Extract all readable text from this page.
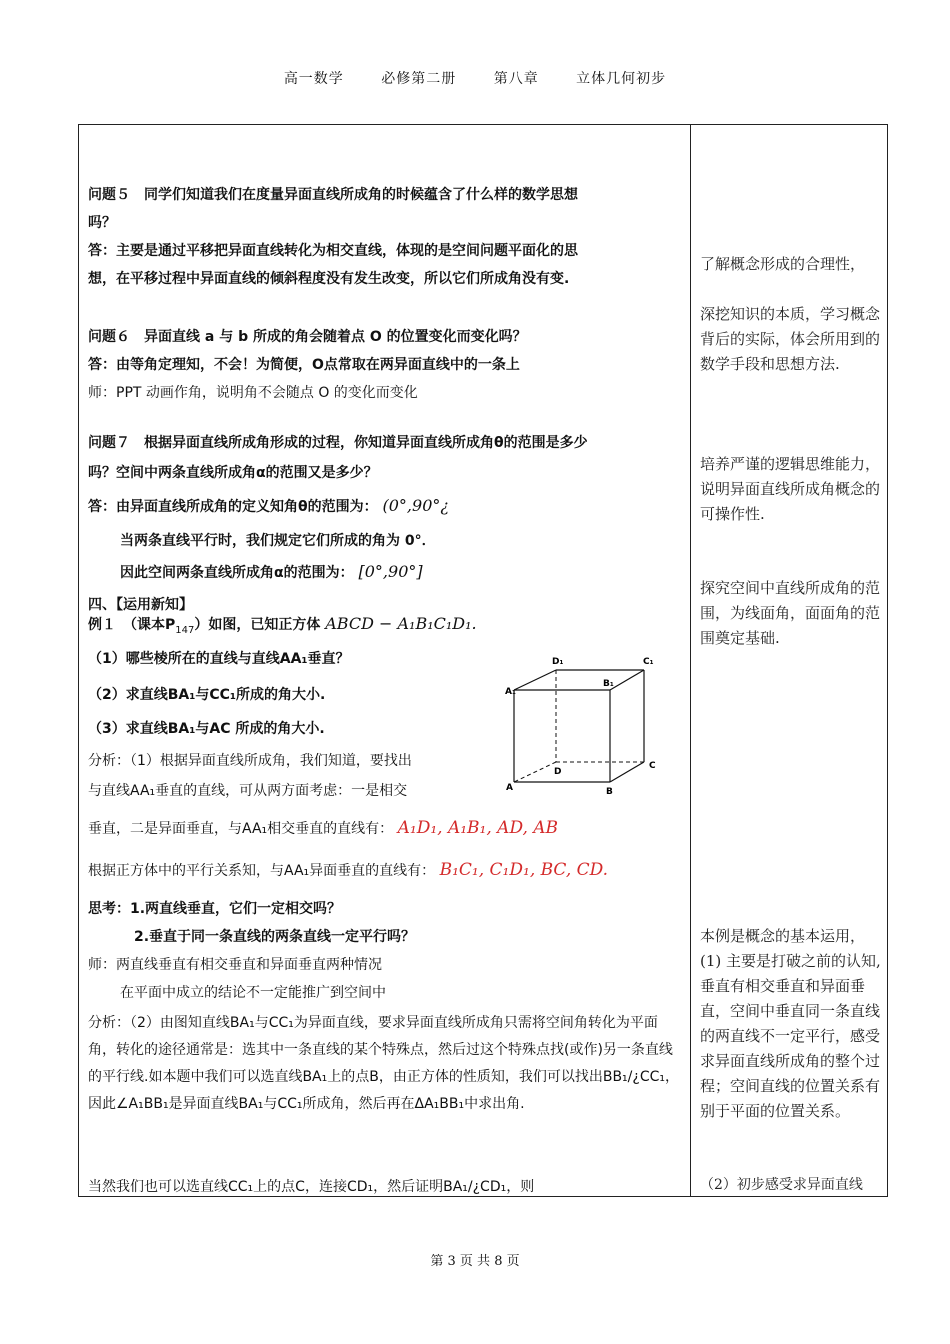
高一数学	必修第二册	第八章	立体几何初步
问题５　同学们知道我们在度量异面直线所成角的时候蕴含了什么样的数学思想
吗？
答：主要是通过平移把异面直线转化为相交直线，体现的是空间问题平面化的思
想，在平移过程中异面直线的倾斜程度没有发生改变，所以它们所成角没有变.
问题６　异面直线 a 与 b 所成的角会随着点 O 的位置变化而变化吗？
答：由等角定理知，不会！为简便，O点常取在两异面直线中的一条上
师：PPT 动画作角，说明角不会随点 O 的变化而变化
问题７　根据异面直线所成角形成的过程，你知道异面直线所成角θ的范围是多少
吗？空间中两条直线所成角α的范围又是多少？
答：由异面直线所成角的定义知角θ的范围为： (0°,90°¿
当两条直线平行时，我们规定它们所成的角为 0°．
因此空间两条直线所成角α的范围为： [0°,90°]
四、【运用新知】
例１　（课本$P_{147}$）如图，已知正方体 ABCD − A₁B₁C₁D₁.
（1）哪些棱所在的直线与直线AA₁垂直？
（2）求直线BA₁与CC₁所成的角大小.
（3）求直线BA₁与AC 所成的角大小.
分析：（1）根据异面直线所成角，我们知道，要找出
与直线AA₁垂直的直线，可从两方面考虑：一是相交
垂直，二是异面垂直，与AA₁相交垂直的直线有： A₁D₁, A₁B₁, AD, AB
根据正方体中的平行关系知，与AA₁异面垂直的直线有： B₁C₁, C₁D₁, BC, CD.
思考：1.两直线垂直，它们一定相交吗？
2.垂直于同一条直线的两条直线一定平行吗？
师：两直线垂直有相交垂直和异面垂直两种情况
在平面中成立的结论不一定能推广到空间中
分析：（2）由图知直线BA₁与CC₁为异面直线，要求异面直线所成角只需将空间角转化为平面角，转化的途径通常是：选其中一条直线的某个特殊点，然后过这个特殊点找(或作)另一条直线的平行线.如本题中我们可以选直线BA₁上的点B，由正方体的性质知，我们可以找出BB₁/¿CC₁，因此∠A₁BB₁是异面直线BA₁与CC₁所成角，然后再在ΔA₁BB₁中求出角.
当然我们也可以选直线CC₁上的点C，连接CD₁，然后证明BA₁/¿CD₁，则
D₁	C₁
A₁
B₁
D
C
A	B
了解概念形成的合理性，
深挖知识的本质，学习概念背后的实际，体会所用到的数学手段和思想方法.
培养严谨的逻辑思维能力，说明异面直线所成角概念的可操作性.
探究空间中直线所成角的范围，为线面角，面面角的范围奠定基础.
本例是概念的基本运用，(1) 主要是打破之前的认知, 垂直有相交垂直和异面垂直，空间中垂直同一条直线的两直线不一定平行，感受求异面直线所成角的整个过程；空间直线的位置关系有别于平面的位置关系。
（2）初步感受求异面直线
第 3 页 共 8 页
